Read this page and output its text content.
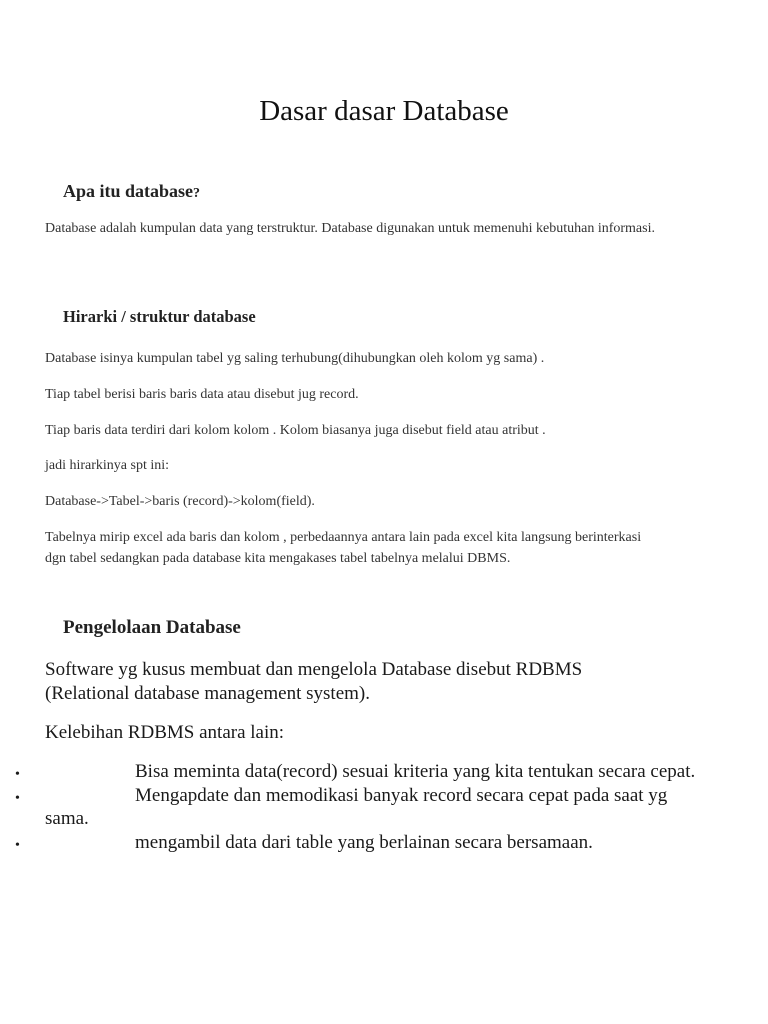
Dasar dasar Database
Apa itu database?
Database adalah kumpulan data yang terstruktur. Database digunakan untuk memenuhi kebutuhan informasi.
Hirarki / struktur database
Database isinya kumpulan tabel yg saling terhubung(dihubungkan oleh kolom yg sama) .
Tiap tabel berisi baris baris data atau disebut jug record.
Tiap baris data terdiri dari kolom kolom . Kolom biasanya juga disebut field atau atribut .
jadi hirarkinya spt ini:
Database->Tabel->baris (record)->kolom(field).
Tabelnya mirip excel ada baris dan kolom , perbedaannya antara lain pada excel kita langsung berinterkasi dgn tabel sedangkan pada database kita mengakases tabel tabelnya melalui DBMS.
Pengelolaan Database
Software yg kusus membuat dan mengelola Database disebut RDBMS (Relational database management system).
Kelebihan RDBMS antara lain:
•	Bisa meminta data(record) sesuai kriteria yang kita tentukan secara cepat.
•	Mengapdate dan memodikasi banyak record secara cepat pada saat yg sama.
•	mengambil data dari table yang berlainan secara bersamaan.
